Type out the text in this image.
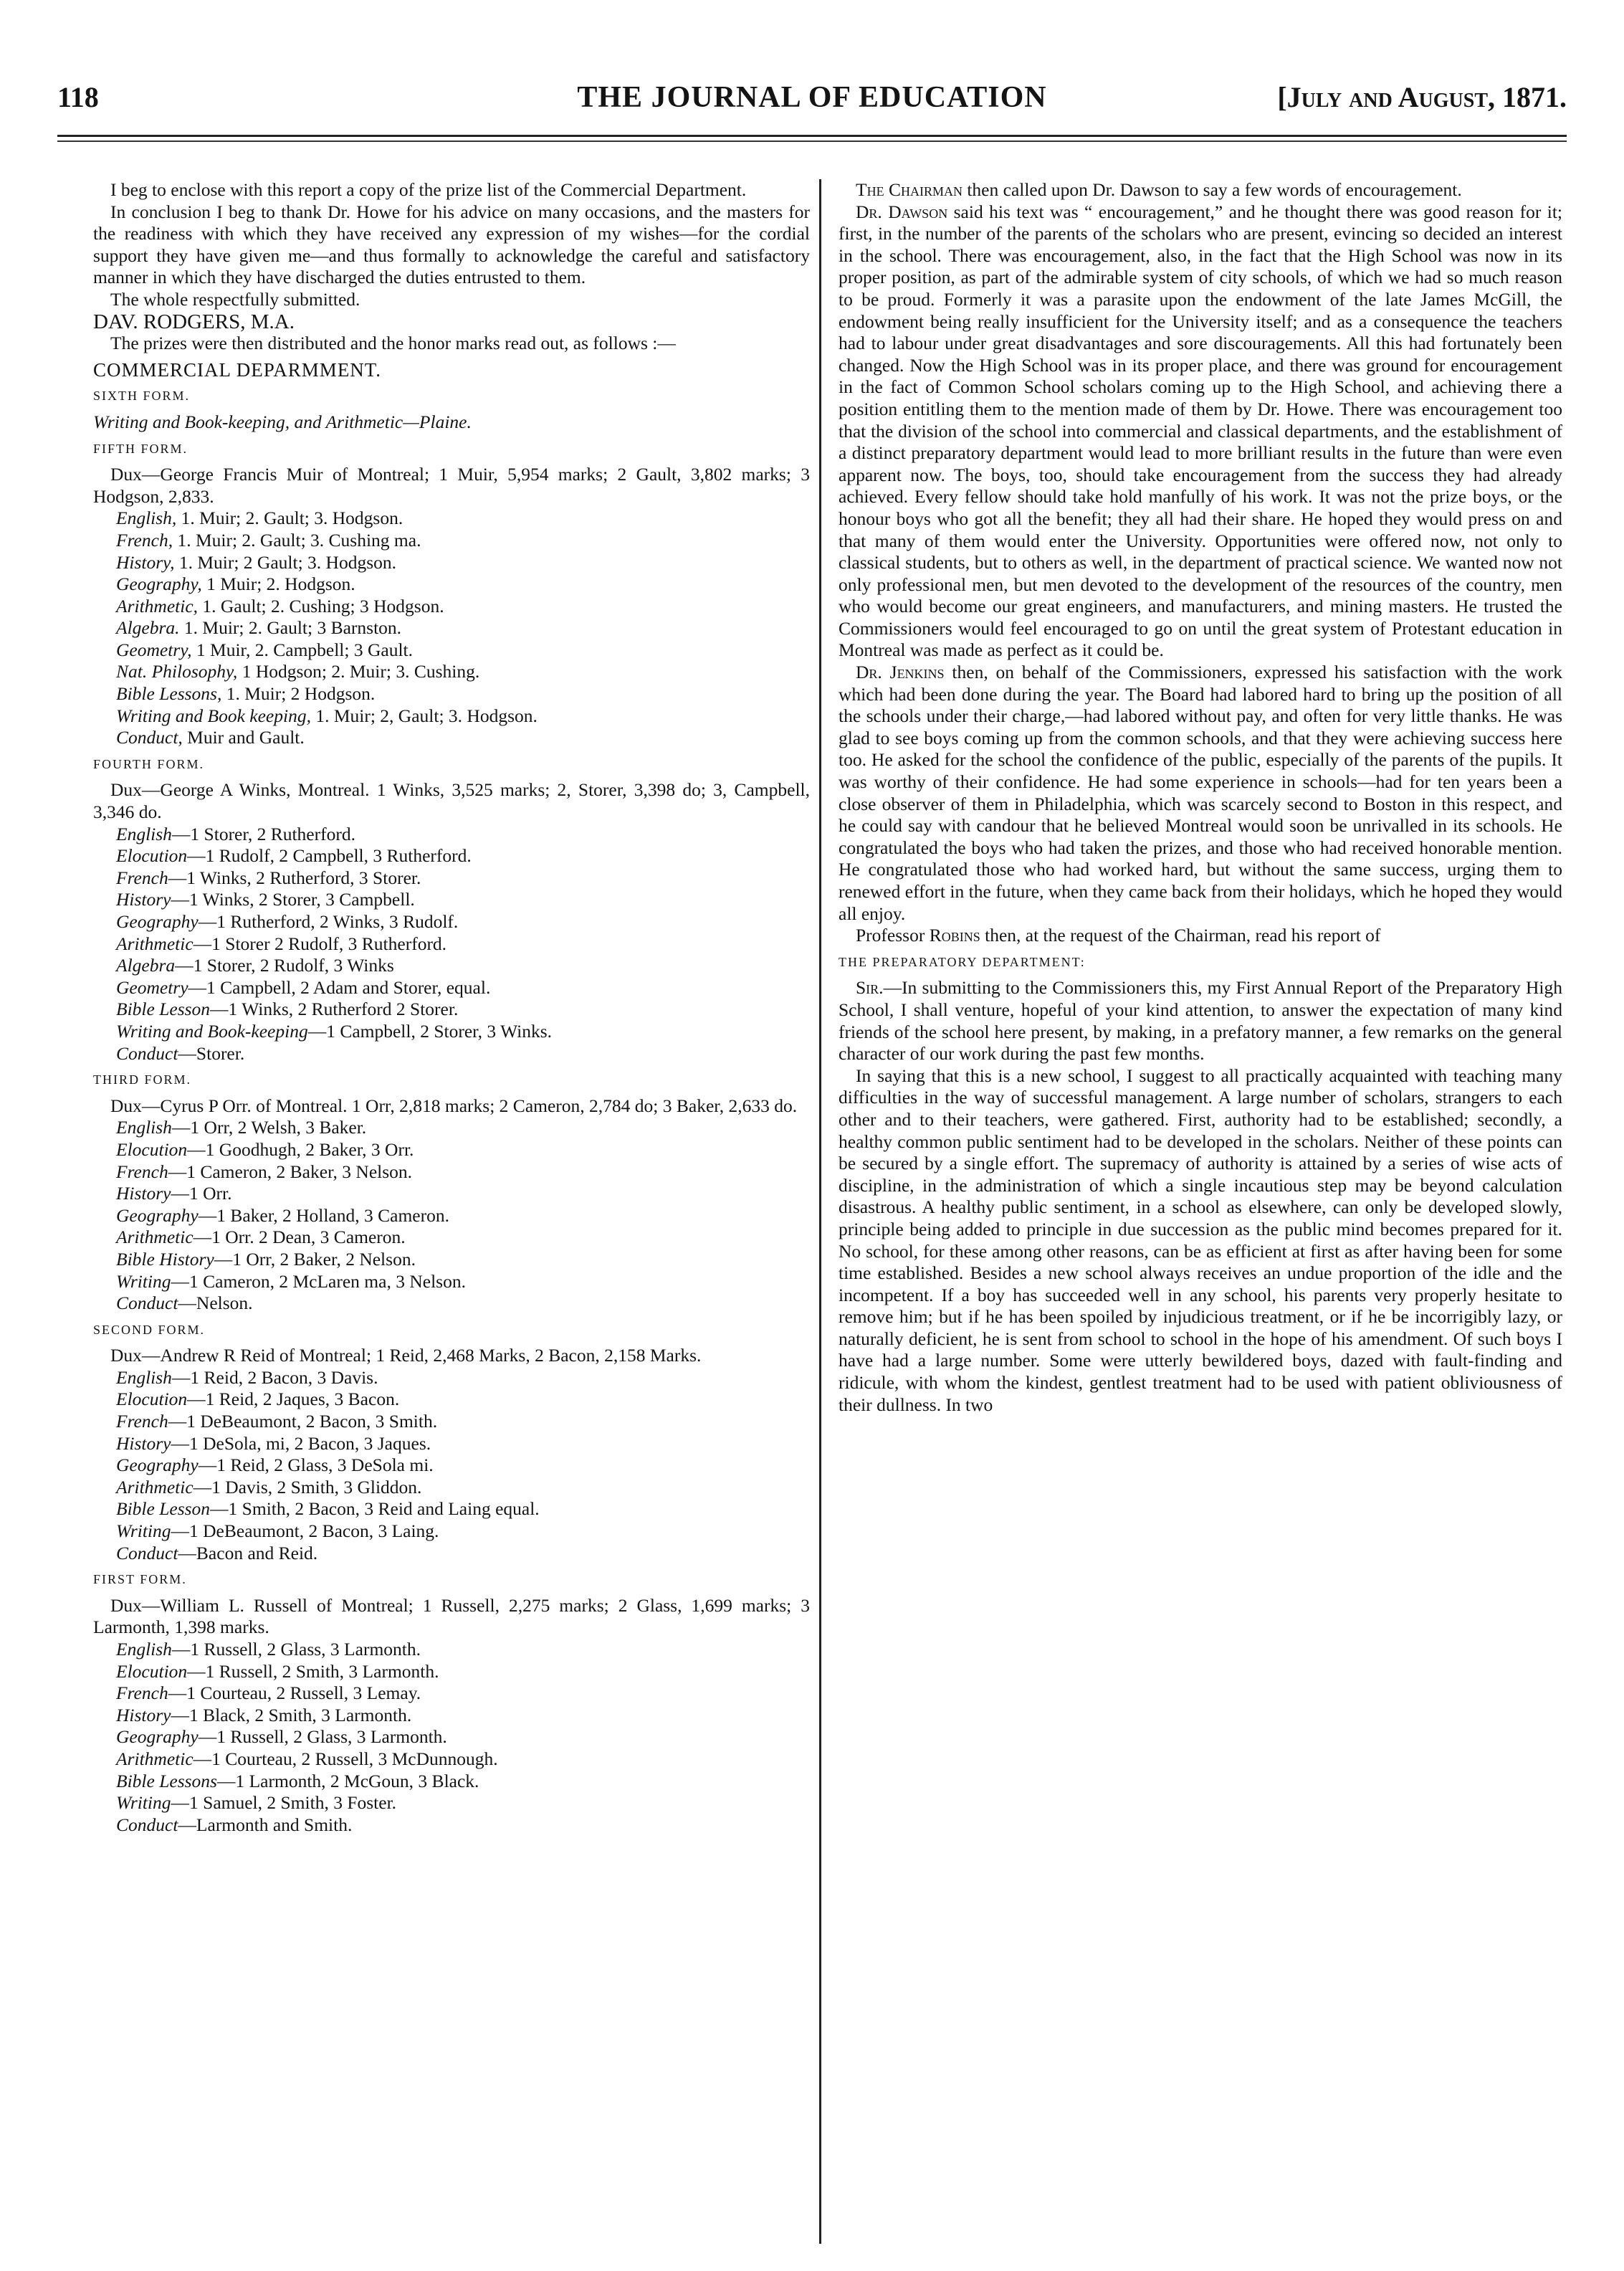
118	THE JOURNAL OF EDUCATION	[July and August, 1871.

I beg to enclose with this report a copy of the prize list of the Commercial Department.

In conclusion I beg to thank Dr. Howe for his advice on many occasions, and the masters for the readiness with which they have received any expression of my wishes—for the cordial support they have given me—and thus formally to acknowledge the careful and satisfactory manner in which they have discharged the duties entrusted to them.

The whole respectfully submitted.

DAV. RODGERS, M.A.

The prizes were then distributed and the honor marks read out, as follows :—

COMMERCIAL DEPARMMENT.

SIXTH FORM.

Writing and Book-keeping, and Arithmetic—Plaine.

FIFTH FORM.

Dux—George Francis Muir of Montreal; 1 Muir, 5,954 marks; 2 Gault, 3,802 marks; 3 Hodgson, 2,833.

English, 1. Muir; 2. Gault; 3. Hodgson.

French, 1. Muir; 2. Gault; 3. Cushing ma.

History, 1. Muir; 2 Gault; 3. Hodgson.

Geography, 1 Muir; 2. Hodgson.

Arithmetic, 1. Gault; 2. Cushing; 3 Hodgson.

Algebra. 1. Muir; 2. Gault; 3 Barnston.

Geometry, 1 Muir, 2. Campbell; 3 Gault.

Nat. Philosophy, 1 Hodgson; 2. Muir; 3. Cushing.

Bible Lessons, 1. Muir; 2 Hodgson.

Writing and Book keeping, 1. Muir; 2, Gault; 3. Hodgson.

Conduct, Muir and Gault.

FOURTH FORM.

Dux—George A Winks, Montreal. 1 Winks, 3,525 marks; 2, Storer, 3,398 do; 3, Campbell, 3,346 do.

English—1 Storer, 2 Rutherford.

Elocution—1 Rudolf, 2 Campbell, 3 Rutherford.

French—1 Winks, 2 Rutherford, 3 Storer.

History—1 Winks, 2 Storer, 3 Campbell.

Geography—1 Rutherford, 2 Winks, 3 Rudolf.

Arithmetic—1 Storer 2 Rudolf, 3 Rutherford.

Algebra—1 Storer, 2 Rudolf, 3 Winks

Geometry—1 Campbell, 2 Adam and Storer, equal.

Bible Lesson—1 Winks, 2 Rutherford 2 Storer.

Writing and Book-keeping—1 Campbell, 2 Storer, 3 Winks.

Conduct—Storer.

THIRD FORM.

Dux—Cyrus P Orr. of Montreal. 1 Orr, 2,818 marks; 2 Cameron, 2,784 do; 3 Baker, 2,633 do.

English—1 Orr, 2 Welsh, 3 Baker.

Elocution—1 Goodhugh, 2 Baker, 3 Orr.

French—1 Cameron, 2 Baker, 3 Nelson.

History—1 Orr.

Geography—1 Baker, 2 Holland, 3 Cameron.

Arithmetic—1 Orr. 2 Dean, 3 Cameron.

Bible History—1 Orr, 2 Baker, 2 Nelson.

Writing—1 Cameron, 2 McLaren ma, 3 Nelson.

Conduct—Nelson.

SECOND FORM.

Dux—Andrew R Reid of Montreal; 1 Reid, 2,468 Marks, 2 Bacon, 2,158 Marks.

English—1 Reid, 2 Bacon, 3 Davis.

Elocution—1 Reid, 2 Jaques, 3 Bacon.

French—1 DeBeaumont, 2 Bacon, 3 Smith.

History—1 DeSola, mi, 2 Bacon, 3 Jaques.

Geography—1 Reid, 2 Glass, 3 DeSola mi.

Arithmetic—1 Davis, 2 Smith, 3 Gliddon.

Bible Lesson—1 Smith, 2 Bacon, 3 Reid and Laing equal.

Writing—1 DeBeaumont, 2 Bacon, 3 Laing.

Conduct—Bacon and Reid.

FIRST FORM.

Dux—William L. Russell of Montreal; 1 Russell, 2,275 marks; 2 Glass, 1,699 marks; 3 Larmonth, 1,398 marks.

English—1 Russell, 2 Glass, 3 Larmonth.

Elocution—1 Russell, 2 Smith, 3 Larmonth.

French—1 Courteau, 2 Russell, 3 Lemay.

History—1 Black, 2 Smith, 3 Larmonth.

Geography—1 Russell, 2 Glass, 3 Larmonth.

Arithmetic—1 Courteau, 2 Russell, 3 McDunnough.

Bible Lessons—1 Larmonth, 2 McGoun, 3 Black.

Writing—1 Samuel, 2 Smith, 3 Foster.

Conduct—Larmonth and Smith.

The Chairman then called upon Dr. Dawson to say a few words of encouragement.

Dr. Dawson said his text was “ encouragement,” and he thought there was good reason for it; first, in the number of the parents of the scholars who are present, evincing so decided an interest in the school. There was encouragement, also, in the fact that the High School was now in its proper position, as part of the admirable system of city schools, of which we had so much reason to be proud. Formerly it was a parasite upon the endowment of the late James McGill, the endowment being really insufficient for the University itself; and as a consequence the teachers had to labour under great disadvantages and sore discouragements. All this had fortunately been changed. Now the High School was in its proper place, and there was ground for encouragement in the fact of Common School scholars coming up to the High School, and achieving there a position entitling them to the mention made of them by Dr. Howe. There was encouragement too that the division of the school into commercial and classical departments, and the establishment of a distinct preparatory department would lead to more brilliant results in the future than were even apparent now. The boys, too, should take encouragement from the success they had already achieved. Every fellow should take hold manfully of his work. It was not the prize boys, or the honour boys who got all the benefit; they all had their share. He hoped they would press on and that many of them would enter the University. Opportunities were offered now, not only to classical students, but to others as well, in the department of practical science. We wanted now not only professional men, but men devoted to the development of the resources of the country, men who would become our great engineers, and manufacturers, and mining masters. He trusted the Commissioners would feel encouraged to go on until the great system of Protestant education in Montreal was made as perfect as it could be.

Dr. Jenkins then, on behalf of the Commissioners, expressed his satisfaction with the work which had been done during the year. The Board had labored hard to bring up the position of all the schools under their charge,—had labored without pay, and often for very little thanks. He was glad to see boys coming up from the common schools, and that they were achieving success here too. He asked for the school the confidence of the public, especially of the parents of the pupils. It was worthy of their confidence. He had some experience in schools—had for ten years been a close observer of them in Philadelphia, which was scarcely second to Boston in this respect, and he could say with candour that he believed Montreal would soon be unrivalled in its schools. He congratulated the boys who had taken the prizes, and those who had received honorable mention. He congratulated those who had worked hard, but without the same success, urging them to renewed effort in the future, when they came back from their holidays, which he hoped they would all enjoy.

Professor Robins then, at the request of the Chairman, read his report of

THE PREPARATORY DEPARTMENT:

Sir.—In submitting to the Commissioners this, my First Annual Report of the Preparatory High School, I shall venture, hopeful of your kind attention, to answer the expectation of many kind friends of the school here present, by making, in a prefatory manner, a few remarks on the general character of our work during the past few months.

In saying that this is a new school, I suggest to all practically acquainted with teaching many difficulties in the way of successful management. A large number of scholars, strangers to each other and to their teachers, were gathered. First, authority had to be established; secondly, a healthy common public sentiment had to be developed in the scholars. Neither of these points can be secured by a single effort. The supremacy of authority is attained by a series of wise acts of discipline, in the administration of which a single incautious step may be beyond calculation disastrous. A healthy public sentiment, in a school as elsewhere, can only be developed slowly, principle being added to principle in due succession as the public mind becomes prepared for it. No school, for these among other reasons, can be as efficient at first as after having been for some time established. Besides a new school always receives an undue proportion of the idle and the incompetent. If a boy has succeeded well in any school, his parents very properly hesitate to remove him; but if he has been spoiled by injudicious treatment, or if he be incorrigibly lazy, or naturally deficient, he is sent from school to school in the hope of his amendment. Of such boys I have had a large number. Some were utterly bewildered boys, dazed with fault-finding and ridicule, with whom the kindest, gentlest treatment had to be used with patient obliviousness of their dullness. In two
